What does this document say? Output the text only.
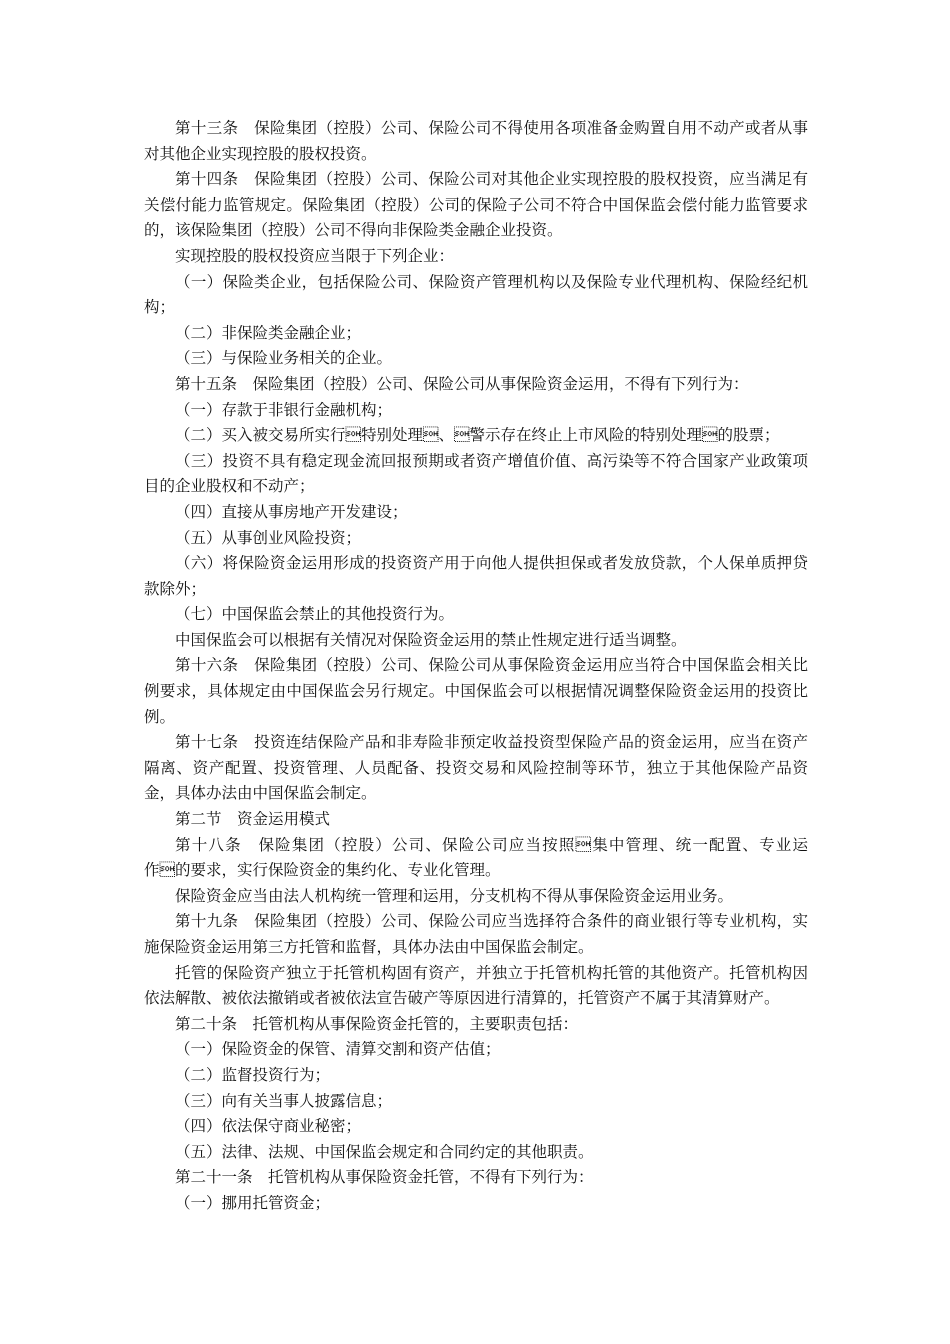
第十三条　保险集团（控股）公司、保险公司不得使用各项准备金购置自用不动产或者从事对其他企业实现控股的股权投资。

第十四条　保险集团（控股）公司、保险公司对其他企业实现控股的股权投资，应当满足有关偿付能力监管规定。保险集团（控股）公司的保险子公司不符合中国保监会偿付能力监管要求的，该保险集团（控股）公司不得向非保险类金融企业投资。

实现控股的股权投资应当限于下列企业：

（一）保险类企业，包括保险公司、保险资产管理机构以及保险专业代理机构、保险经纪机构；

（二）非保险类金融企业；

（三）与保险业务相关的企业。

第十五条　保险集团（控股）公司、保险公司从事保险资金运用，不得有下列行为：

（一）存款于非银行金融机构；

（二）买入被交易所实行特别处理、警示存在终止上市风险的特别处理的股票；

（三）投资不具有稳定现金流回报预期或者资产增值价值、高污染等不符合国家产业政策项目的企业股权和不动产；

（四）直接从事房地产开发建设；

（五）从事创业风险投资；

（六）将保险资金运用形成的投资资产用于向他人提供担保或者发放贷款，个人保单质押贷款除外；

（七）中国保监会禁止的其他投资行为。

中国保监会可以根据有关情况对保险资金运用的禁止性规定进行适当调整。

第十六条　保险集团（控股）公司、保险公司从事保险资金运用应当符合中国保监会相关比例要求，具体规定由中国保监会另行规定。中国保监会可以根据情况调整保险资金运用的投资比例。

第十七条　投资连结保险产品和非寿险非预定收益投资型保险产品的资金运用，应当在资产隔离、资产配置、投资管理、人员配备、投资交易和风险控制等环节，独立于其他保险产品资金，具体办法由中国保监会制定。

第二节　资金运用模式

第十八条　保险集团（控股）公司、保险公司应当按照集中管理、统一配置、专业运作的要求，实行保险资金的集约化、专业化管理。

保险资金应当由法人机构统一管理和运用，分支机构不得从事保险资金运用业务。

第十九条　保险集团（控股）公司、保险公司应当选择符合条件的商业银行等专业机构，实施保险资金运用第三方托管和监督，具体办法由中国保监会制定。

托管的保险资产独立于托管机构固有资产，并独立于托管机构托管的其他资产。托管机构因依法解散、被依法撤销或者被依法宣告破产等原因进行清算的，托管资产不属于其清算财产。

第二十条　托管机构从事保险资金托管的，主要职责包括：

（一）保险资金的保管、清算交割和资产估值；

（二）监督投资行为；

（三）向有关当事人披露信息；

（四）依法保守商业秘密；

（五）法律、法规、中国保监会规定和合同约定的其他职责。

第二十一条　托管机构从事保险资金托管，不得有下列行为：

（一）挪用托管资金；
